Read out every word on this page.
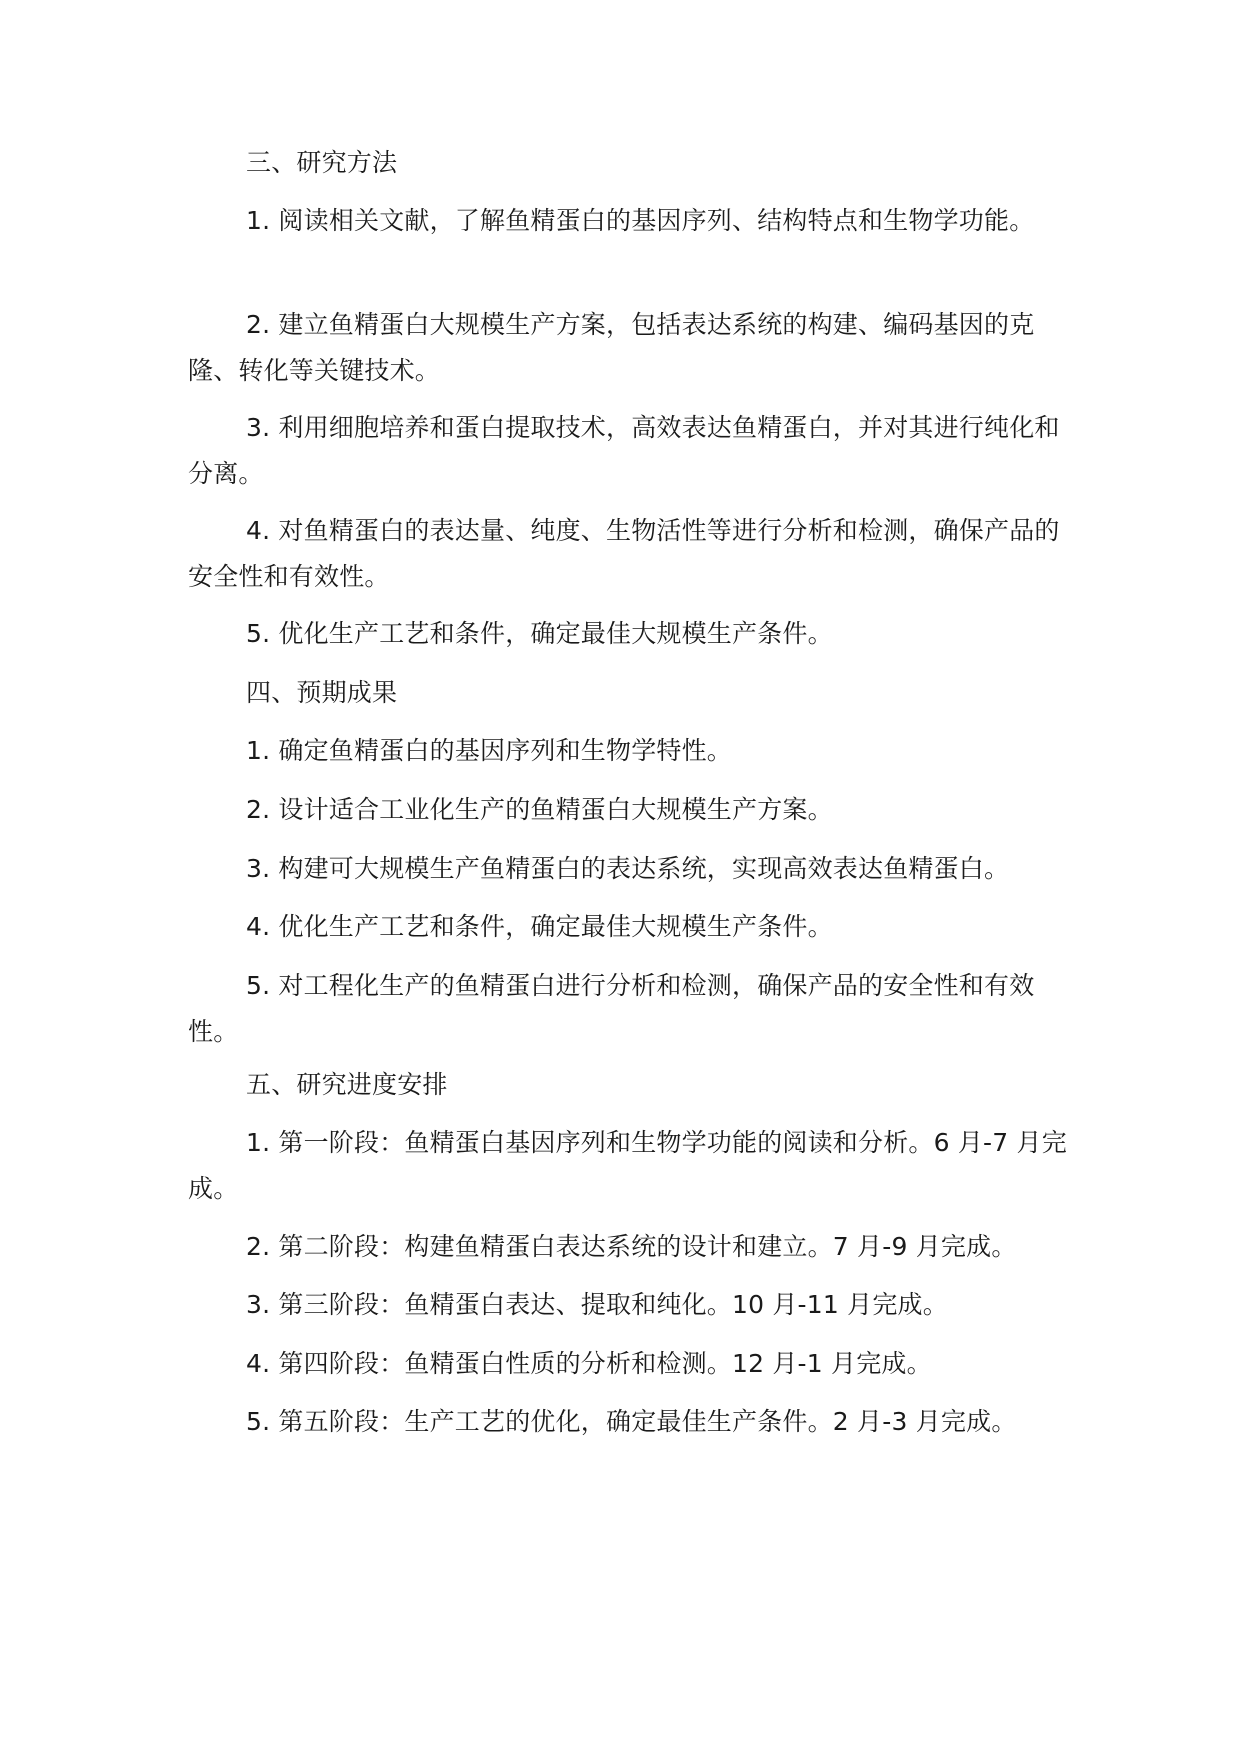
三、研究方法

1. 阅读相关文献，了解鱼精蛋白的基因序列、结构特点和生物学功能。

2. 建立鱼精蛋白大规模生产方案，包括表达系统的构建、编码基因的克隆、转化等关键技术。

3. 利用细胞培养和蛋白提取技术，高效表达鱼精蛋白，并对其进行纯化和分离。

4. 对鱼精蛋白的表达量、纯度、生物活性等进行分析和检测，确保产品的安全性和有效性。

5. 优化生产工艺和条件，确定最佳大规模生产条件。

四、预期成果

1. 确定鱼精蛋白的基因序列和生物学特性。

2. 设计适合工业化生产的鱼精蛋白大规模生产方案。

3. 构建可大规模生产鱼精蛋白的表达系统，实现高效表达鱼精蛋白。

4. 优化生产工艺和条件，确定最佳大规模生产条件。

5. 对工程化生产的鱼精蛋白进行分析和检测，确保产品的安全性和有效性。

五、研究进度安排

1. 第一阶段：鱼精蛋白基因序列和生物学功能的阅读和分析。6 月-7 月完成。

2. 第二阶段：构建鱼精蛋白表达系统的设计和建立。7 月-9 月完成。

3. 第三阶段：鱼精蛋白表达、提取和纯化。10 月-11 月完成。

4. 第四阶段：鱼精蛋白性质的分析和检测。12 月-1 月完成。

5. 第五阶段：生产工艺的优化，确定最佳生产条件。2 月-3 月完成。
